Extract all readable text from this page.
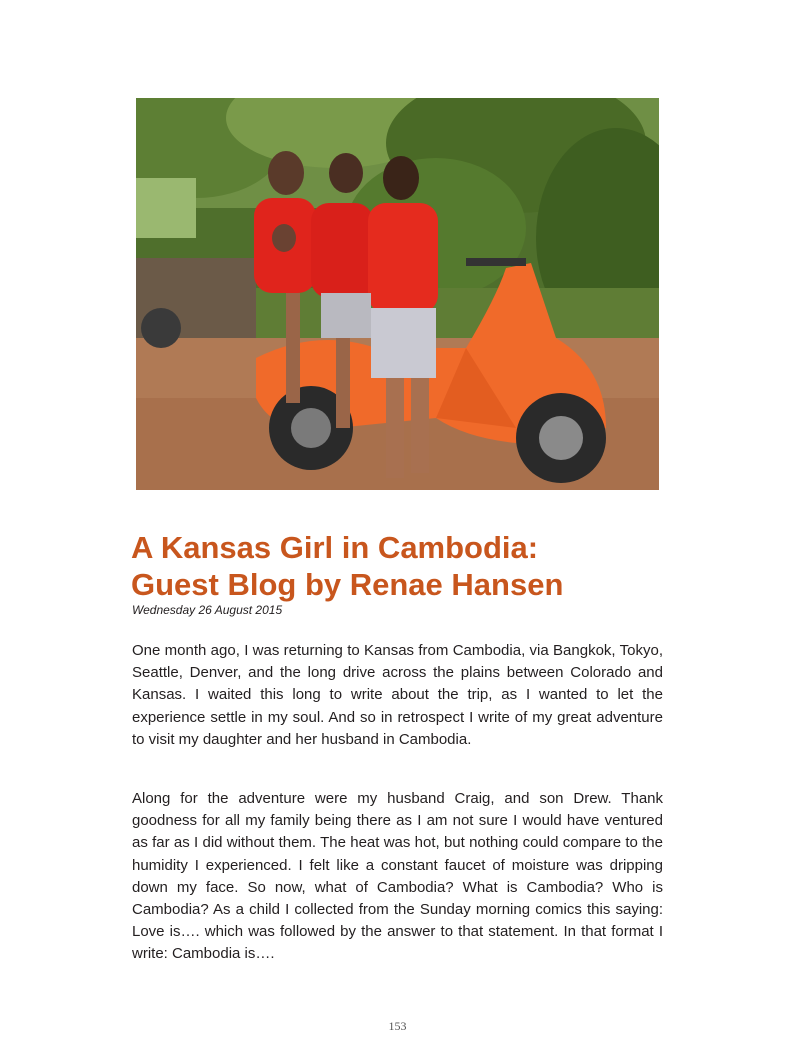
A Kansas Girl in Cambodia:
Guest Blog by Renae Hansen
Wednesday 26 August 2015

One month ago, I was returning to Kansas from Cambodia, via Bangkok, Tokyo, Seattle, Denver, and the long drive across the plains between Colorado and Kansas. I waited this long to write about the trip, as I wanted to let the experience settle in my soul. And so in retrospect I write of my great adventure to visit my daughter and her husband in Cambodia.

Along for the adventure were my husband Craig, and son Drew. Thank goodness for all my family being there as I am not sure I would have ventured as far as I did without them. The heat was hot, but nothing could compare to the humidity I experienced. I felt like a constant faucet of moisture was dripping down my face. So now, what of Cambodia? What is Cambodia? Who is Cambodia? As a child I collected from the Sunday morning comics this saying: Love is…. which was followed by the answer to that statement. In that format I write: Cambodia is….

153
